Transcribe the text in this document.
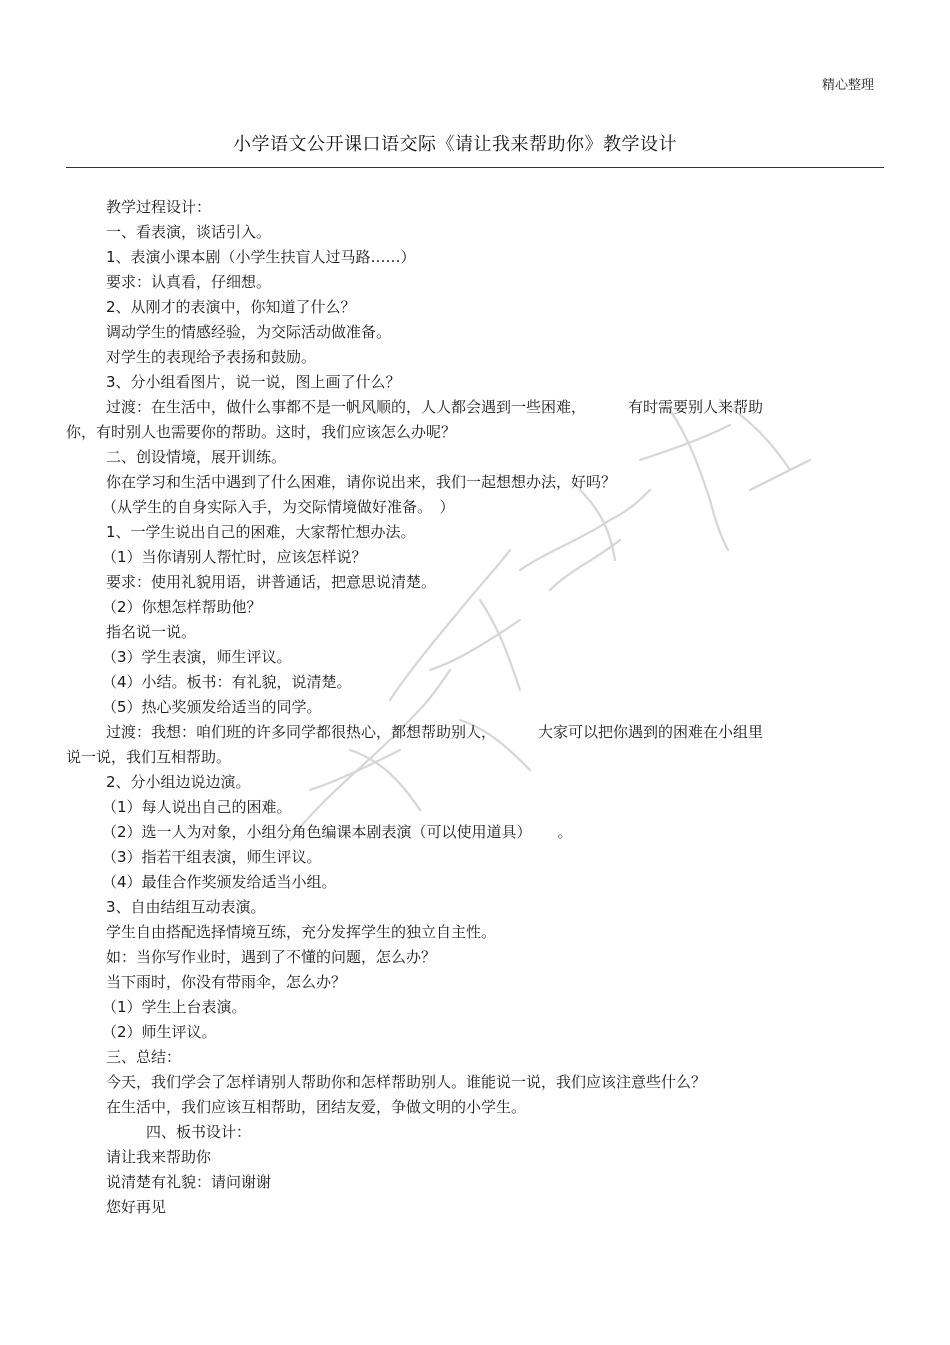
精心整理
小学语文公开课口语交际《请让我来帮助你》教学设计

教学过程设计：

一、看表演，谈话引入。

1、表演小课本剧（小学生扶盲人过马路……）

要求：认真看，仔细想。

2、从刚才的表演中，你知道了什么？

调动学生的情感经验，为交际活动做准备。

对学生的表现给予表扬和鼓励。

3、分小组看图片，说一说，图上画了什么？

过渡：在生活中，做什么事都不是一帆风顺的，人人都会遇到一些困难，	有时需要别人来帮助

你，有时别人也需要你的帮助。这时，我们应该怎么办呢？

二、创设情境，展开训练。

你在学习和生活中遇到了什么困难，请你说出来，我们一起想想办法，好吗？

（从学生的自身实际入手，为交际情境做好准备。　）

1、一学生说出自己的困难，大家帮忙想办法。

（1）当你请别人帮忙时，应该怎样说？

要求：使用礼貌用语，讲普通话，把意思说清楚。

（2）你想怎样帮助他？

指名说一说。

（3）学生表演，师生评议。

（4）小结。板书：有礼貌，说清楚。

（5）热心奖颁发给适当的同学。

过渡：我想：咱们班的许多同学都很热心，都想帮助别人，	大家可以把你遇到的困难在小组里

说一说，我们互相帮助。

2、分小组边说边演。

（1）每人说出自己的困难。

（2）选一人为对象，小组分角色编课本剧表演（可以使用道具） 。

（3）指若干组表演，师生评议。

（4）最佳合作奖颁发给适当小组。

3、自由结组互动表演。

学生自由搭配选择情境互练，充分发挥学生的独立自主性。

如：当你写作业时，遇到了不懂的问题，怎么办？

当下雨时，你没有带雨伞，怎么办？

（1）学生上台表演。

（2）师生评议。

三、总结：

今天，我们学会了怎样请别人帮助你和怎样帮助别人。谁能说一说，我们应该注意些什么？

在生活中，我们应该互相帮助，团结友爱，争做文明的小学生。

四、板书设计：

请让我来帮助你

说清楚有礼貌：请问谢谢

您好再见
